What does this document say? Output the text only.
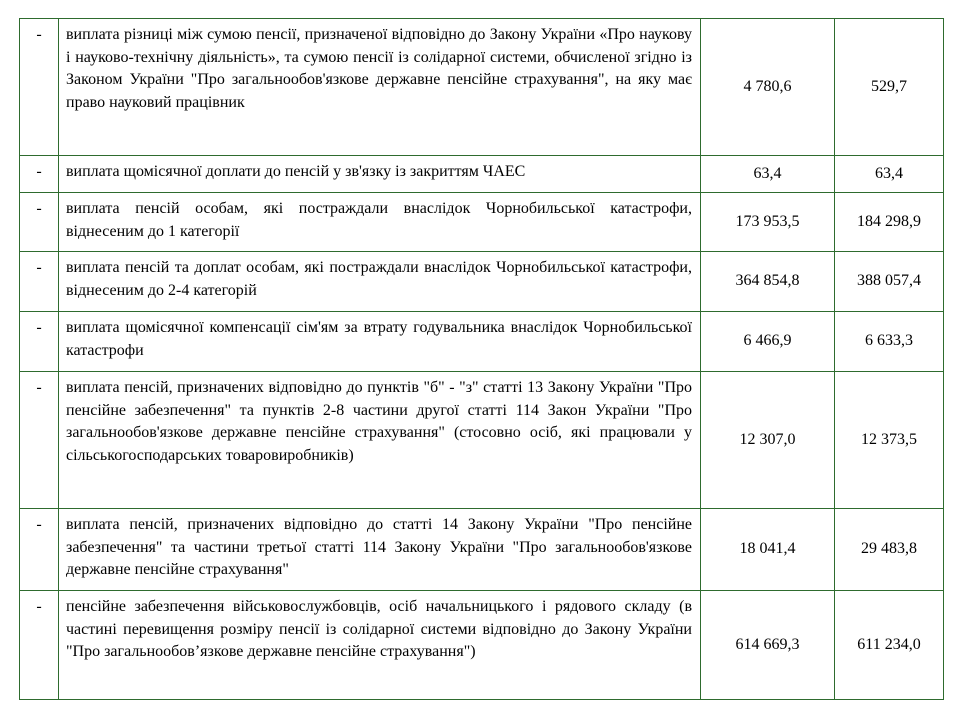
-	виплата різниці між сумою пенсії, призначеної відповідно до Закону України «Про наукову і науково-технічну діяльність», та сумою пенсії із солідарної системи, обчисленої згідно із Законом України "Про загальнообов'язкове державне пенсійне страхування", на яку має право науковий працівник	4 780,6	529,7
-	виплата щомісячної доплати до пенсій у зв'язку із закриттям ЧАЕС	63,4	63,4
-	виплата пенсій особам, які постраждали внаслідок Чорнобильської катастрофи, віднесеним до 1 категорії	173 953,5	184 298,9
-	виплата пенсій та доплат особам, які постраждали внаслідок Чорнобильської катастрофи, віднесеним до 2-4 категорій	364 854,8	388 057,4
-	виплата щомісячної компенсації сім'ям за втрату годувальника внаслідок Чорнобильської катастрофи	6 466,9	6 633,3
-	виплата пенсій, призначених відповідно до пунктів "б" - "з" статті 13 Закону України "Про пенсійне забезпечення" та пунктів 2-8 частини другої статті 114 Закон України "Про загальнообов'язкове державне пенсійне страхування" (стосовно осіб, які працювали у сільськогосподарських товаровиробників)	12 307,0	12 373,5
-	виплата пенсій, призначених відповідно до статті 14 Закону України "Про пенсійне забезпечення" та частини третьої статті 114 Закону України "Про загальнообов'язкове державне пенсійне страхування"	18 041,4	29 483,8
-	пенсійне забезпечення військовослужбовців, осіб начальницького і рядового складу (в частині перевищення розміру пенсії із солідарної системи відповідно до Закону України "Про загальнообов’язкове державне пенсійне страхування")	614 669,3	611 234,0
